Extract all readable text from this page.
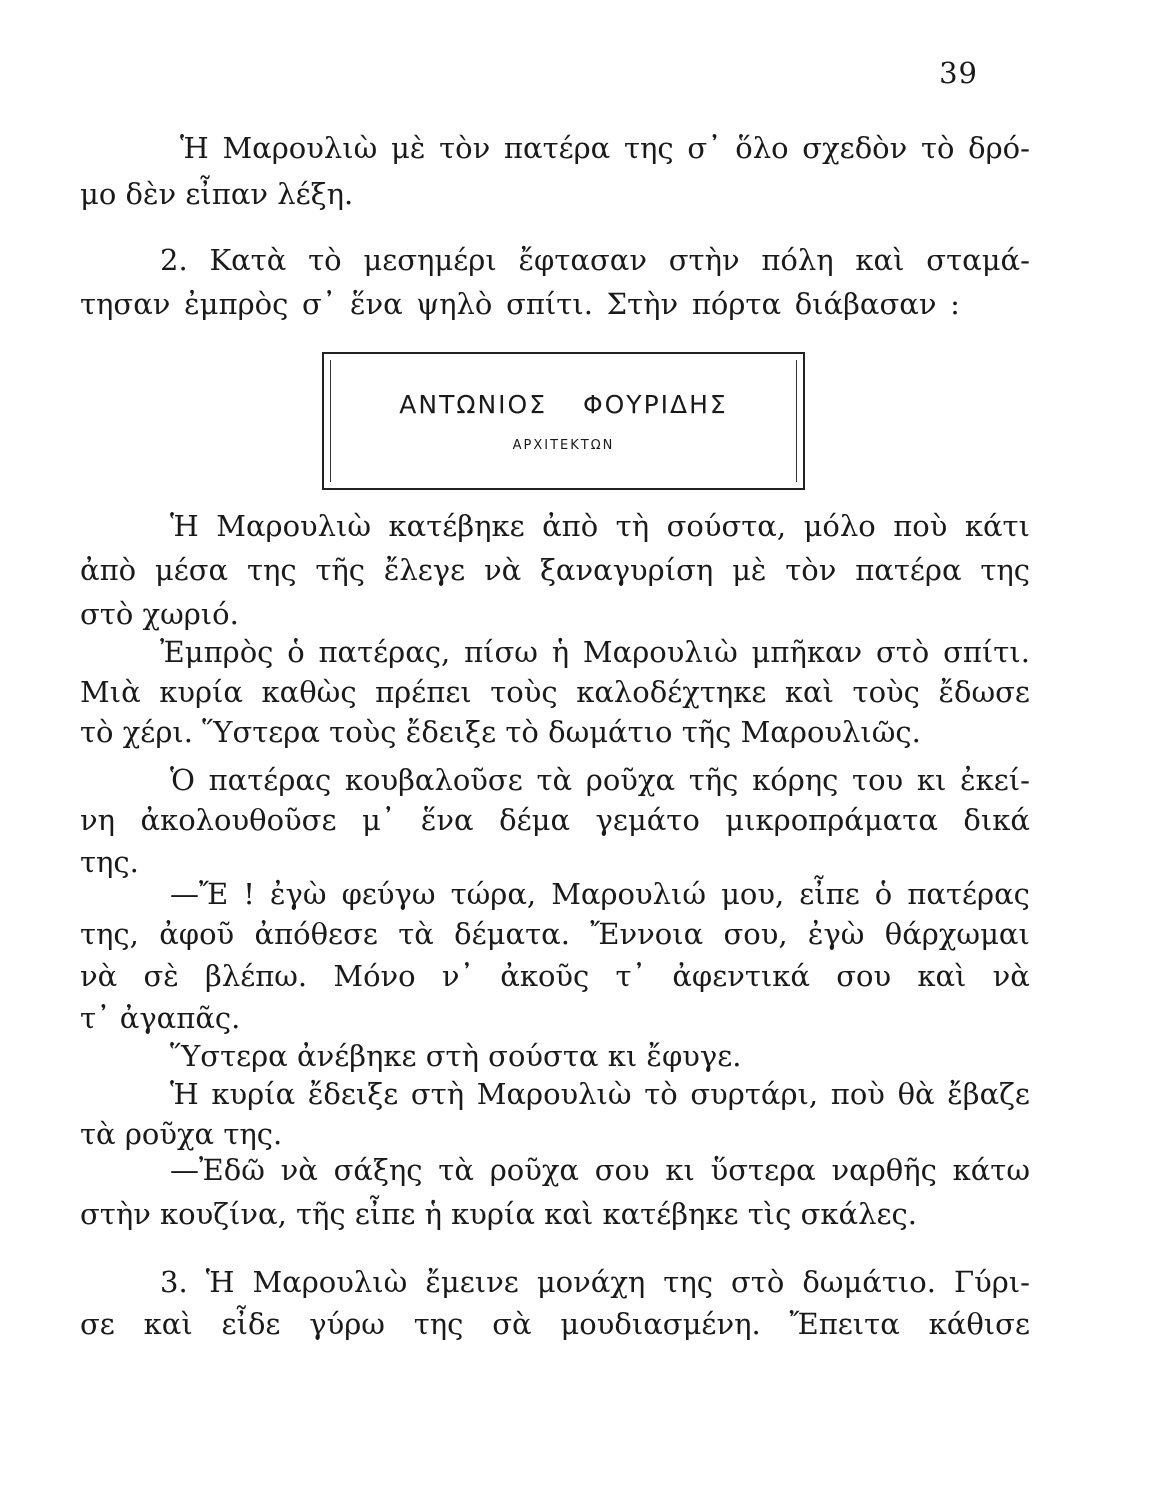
39
Ἡ Μαρουλιὼ μὲ τὸν πατέρα της σ᾽ ὅλο σχεδὸν τὸ δρό-
μο δὲν εἶπαν λέξη.
2. Κατὰ τὸ μεσημέρι ἔφτασαν στὴν πόλη καὶ σταμά-
τησαν ἐμπρὸς σ᾽ ἕνα ψηλὸ σπίτι. Στὴν πόρτα διάβασαν :
ΑΝΤΩΝΙΟΣ ΦΟΥΡΙΔΗΣ
ΑΡΧΙΤΕΚΤΩΝ
Ἡ Μαρουλιὼ κατέβηκε ἀπὸ τὴ σούστα, μόλο ποὺ κάτι
ἀπὸ μέσα της τῆς ἔλεγε νὰ ξαναγυρίση μὲ τὸν πατέρα της
στὸ χωριό.
Ἐμπρὸς ὁ πατέρας, πίσω ἡ Μαρουλιὼ μπῆκαν στὸ σπίτι.
Μιὰ κυρία καθὼς πρέπει τοὺς καλοδέχτηκε καὶ τοὺς ἔδωσε
τὸ χέρι. Ὕστερα τοὺς ἔδειξε τὸ δωμάτιο τῆς Μαρουλιῶς.
Ὁ πατέρας κουβαλοῦσε τὰ ροῦχα τῆς κόρης του κι ἐκεί-
νη ἀκολουθοῦσε μ᾽ ἕνα δέμα γεμάτο μικροπράματα δικά
της.
—Ἔ ! ἐγὼ φεύγω τώρα, Μαρουλιώ μου, εἶπε ὁ πατέρας
της, ἀφοῦ ἀπόθεσε τὰ δέματα. Ἔννοια σου, ἐγὼ θάρχωμαι
νὰ σὲ βλέπω. Μόνο ν᾽ ἀκοῦς τ᾽ ἀφεντικά σου καὶ νὰ
τ᾽ ἀγαπᾶς.
Ὕστερα ἀνέβηκε στὴ σούστα κι ἔφυγε.
Ἡ κυρία ἔδειξε στὴ Μαρουλιὼ τὸ συρτάρι, ποὺ θὰ ἔβαζε
τὰ ροῦχα της.
—Ἐδῶ νὰ σάξης τὰ ροῦχα σου κι ὕστερα ναρθῆς κάτω
στὴν κουζίνα, τῆς εἶπε ἡ κυρία καὶ κατέβηκε τὶς σκάλες.
3. Ἡ Μαρουλιὼ ἔμεινε μονάχη της στὸ δωμάτιο. Γύρι-
σε καὶ εἶδε γύρω της σὰ μουδιασμένη. Ἔπειτα κάθισε
